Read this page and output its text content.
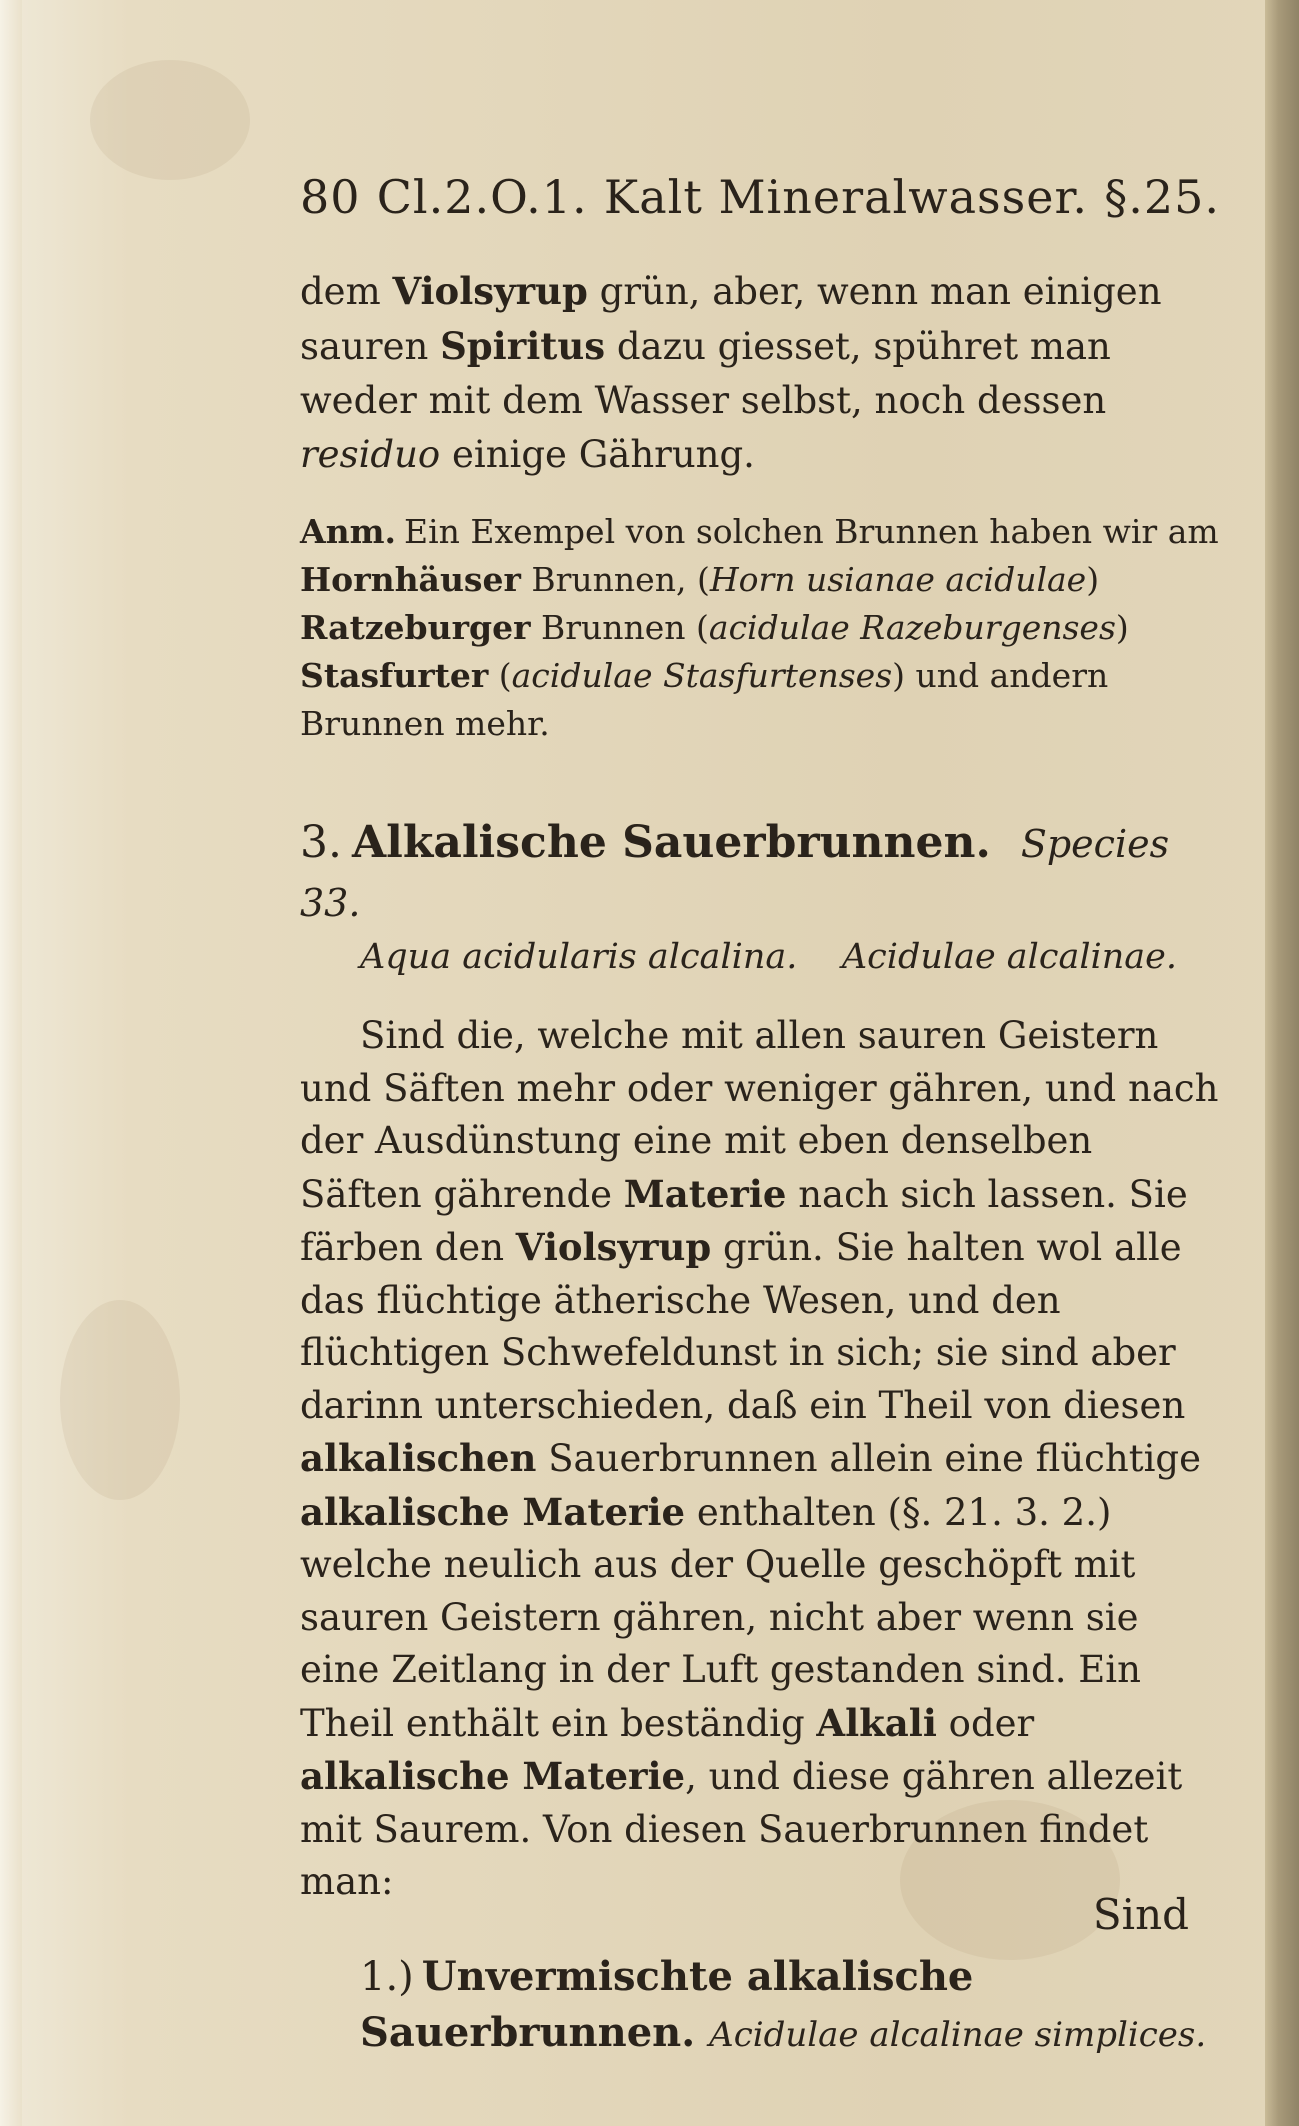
80 Cl.2.O.1. Kalt Mineralwasser. §.25.

dem Violsyrup grün, aber, wenn man einigen sauren Spiritus dazu giesset, spühret man weder mit dem Wasser selbst, noch dessen residuo einige Gährung.

Anm. Ein Exempel von solchen Brunnen haben wir am Hornhäuser Brunnen, (Horn usianae acidulae) Ratzeburger Brunnen (acidulae Razeburgenses) Stasfurter (acidulae Stasfurtenses) und andern Brunnen mehr.

3. Alkalische Sauerbrunnen. Species 33.
Aqua acidularis alcalina. Acidulae alcalinae.

Sind die, welche mit allen sauren Geistern und Säften mehr oder weniger gähren, und nach der Ausdünstung eine mit eben denselben Säften gährende Materie nach sich lassen. Sie färben den Violsyrup grün. Sie halten wol alle das flüchtige ätherische Wesen, und den flüchtigen Schwefeldunst in sich; sie sind aber darinn unterschieden, daß ein Theil von diesen alkalischen Sauerbrunnen allein eine flüchtige alkalische Materie enthalten (§. 21. 3. 2.) welche neulich aus der Quelle geschöpft mit sauren Geistern gähren, nicht aber wenn sie eine Zeitlang in der Luft gestanden sind. Ein Theil enthält ein beständig Alkali oder alkalische Materie, und diese gähren allezeit mit Saurem. Von diesen Sauerbrunnen findet man:

1.) Unvermischte alkalische Sauerbrunnen. Acidulae alcalinae simplices.
Sind
